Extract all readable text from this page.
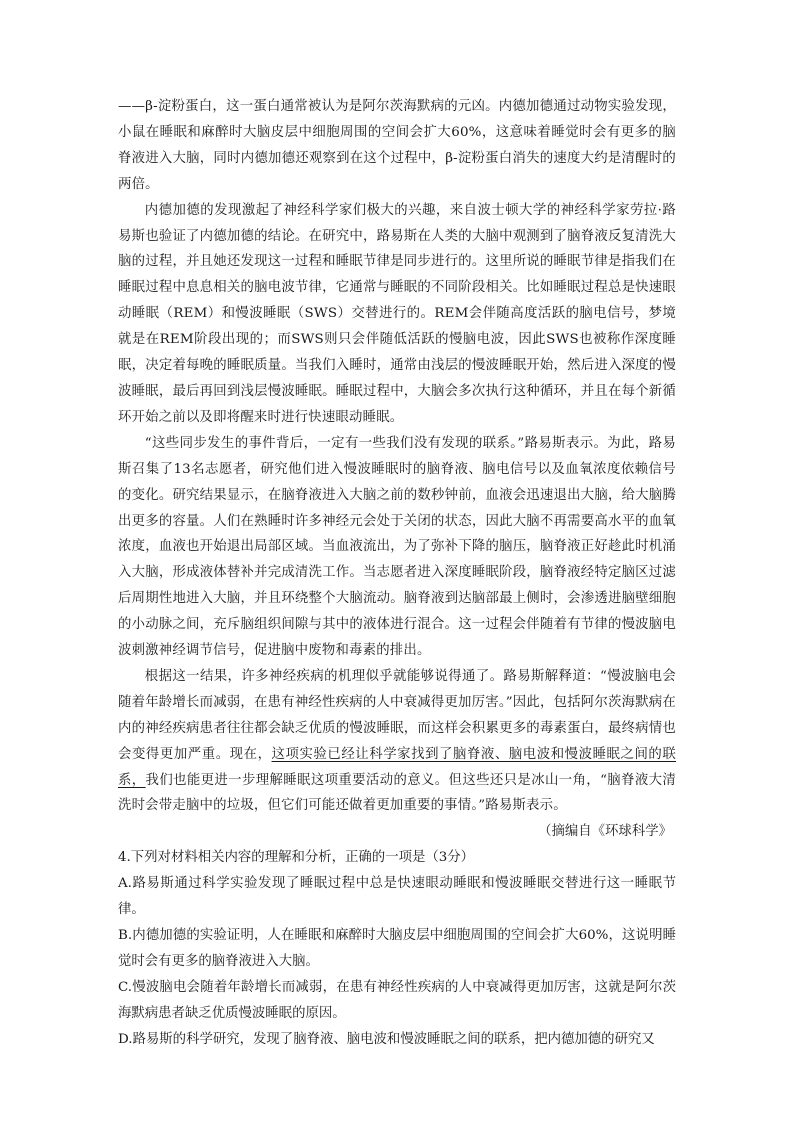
——β-淀粉蛋白，这一蛋白通常被认为是阿尔茨海默病的元凶。内德加德通过动物实验发现，小鼠在睡眠和麻醉时大脑皮层中细胞周围的空间会扩大60%，这意味着睡觉时会有更多的脑脊液进入大脑，同时内德加德还观察到在这个过程中，β-淀粉蛋白消失的速度大约是清醒时的两倍。

内德加德的发现激起了神经科学家们极大的兴趣，来自波士顿大学的神经科学家劳拉·路易斯也验证了内德加德的结论。在研究中，路易斯在人类的大脑中观测到了脑脊液反复清洗大脑的过程，并且她还发现这一过程和睡眠节律是同步进行的。这里所说的睡眠节律是指我们在睡眠过程中息息相关的脑电波节律，它通常与睡眠的不同阶段相关。比如睡眠过程总是快速眼动睡眠（REM）和慢波睡眠（SWS）交替进行的。REM会伴随高度活跃的脑电信号，梦境就是在REM阶段出现的；而SWS则只会伴随低活跃的慢脑电波，因此SWS也被称作深度睡眠，决定着每晚的睡眠质量。当我们入睡时，通常由浅层的慢波睡眠开始，然后进入深度的慢波睡眠，最后再回到浅层慢波睡眠。睡眠过程中，大脑会多次执行这种循环，并且在每个新循环开始之前以及即将醒来时进行快速眼动睡眠。

“这些同步发生的事件背后，一定有一些我们没有发现的联系。”路易斯表示。为此，路易斯召集了13名志愿者，研究他们进入慢波睡眠时的脑脊液、脑电信号以及血氧浓度依赖信号的变化。研究结果显示，在脑脊液进入大脑之前的数秒钟前，血液会迅速退出大脑，给大脑腾出更多的容量。人们在熟睡时许多神经元会处于关闭的状态，因此大脑不再需要高水平的血氧浓度，血液也开始退出局部区域。当血液流出，为了弥补下降的脑压，脑脊液正好趁此时机涌入大脑，形成液体替补并完成清洗工作。当志愿者进入深度睡眠阶段，脑脊液经特定脑区过滤后周期性地进入大脑，并且环绕整个大脑流动。脑脊液到达脑部最上侧时，会渗透进脑壁细胞的小动脉之间，充斥脑组织间隙与其中的液体进行混合。这一过程会伴随着有节律的慢波脑电波刺激神经调节信号，促进脑中废物和毒素的排出。

根据这一结果，许多神经疾病的机理似乎就能够说得通了。路易斯解释道：“慢波脑电会随着年龄增长而减弱，在患有神经性疾病的人中衰减得更加厉害。”因此，包括阿尔茨海默病在内的神经疾病患者往往都会缺乏优质的慢波睡眠，而这样会积累更多的毒素蛋白，最终病情也会变得更加严重。现在，这项实验已经让科学家找到了脑脊液、脑电波和慢波睡眠之间的联系，我们也能更进一步理解睡眠这项重要活动的意义。但这些还只是冰山一角，“脑脊液大清洗时会带走脑中的垃圾，但它们可能还做着更加重要的事情。”路易斯表示。

（摘编自《环球科学》

4.下列对材料相关内容的理解和分析，正确的一项是（3分）

A.路易斯通过科学实验发现了睡眠过程中总是快速眼动睡眠和慢波睡眠交替进行这一睡眠节律。

B.内德加德的实验证明，人在睡眠和麻醉时大脑皮层中细胞周围的空间会扩大60%，这说明睡觉时会有更多的脑脊液进入大脑。

C.慢波脑电会随着年龄增长而减弱，在患有神经性疾病的人中衰减得更加厉害，这就是阿尔茨海默病患者缺乏优质慢波睡眠的原因。

D.路易斯的科学研究，发现了脑脊液、脑电波和慢波睡眠之间的联系，把内德加德的研究又
